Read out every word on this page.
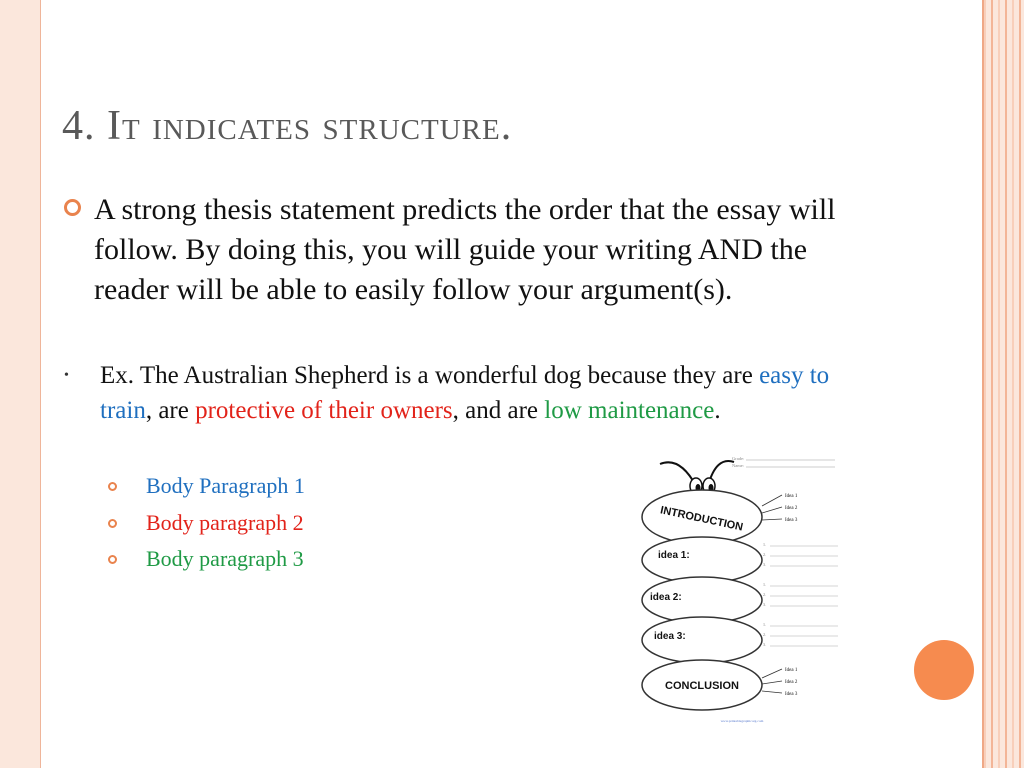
4. It indicates structure.
A strong thesis statement predicts the order that the essay will follow. By doing this, you will guide your writing AND the reader will be able to easily follow your argument(s).
• Ex. The Australian Shepherd is a wonderful dog because they are easy to train, are protective of their owners, and are low maintenance.
Body Paragraph 1
Body paragraph 2
Body paragraph 3
Grade:
Name:
INTRODUCTION
Idea 1
Idea 2
Idea 3
idea 1:
1.
2.
3.
idea 2:
1.
2.
3.
idea 3:
1.
2.
3.
CONCLUSION
Idea 1
Idea 2
Idea 3
www.printablegraphicorg.com
